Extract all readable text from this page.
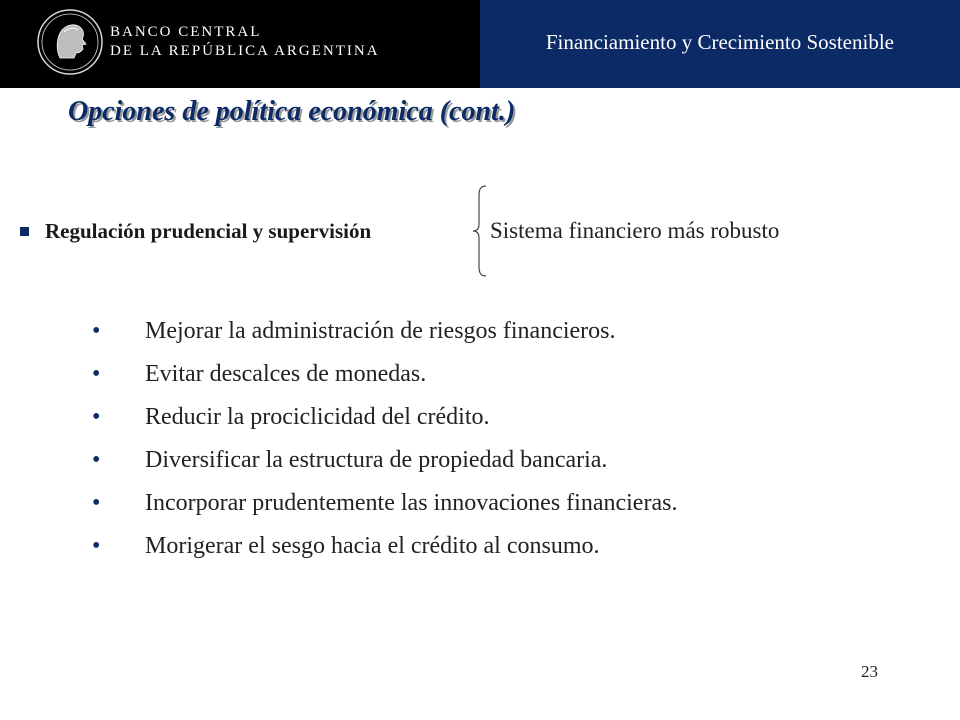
BANCO CENTRAL
DE LA REPÚBLICA ARGENTINA	Financiamiento y Crecimiento Sostenible
Opciones de política económica (cont.)
Regulación prudencial y supervisión	Sistema financiero más robusto
•	Mejorar la administración de riesgos financieros.
•	Evitar descalces de monedas.
•	Reducir la prociclicidad del crédito.
•	Diversificar la estructura de propiedad bancaria.
•	Incorporar prudentemente las innovaciones financieras.
•	Morigerar el sesgo hacia el crédito al consumo.
23
